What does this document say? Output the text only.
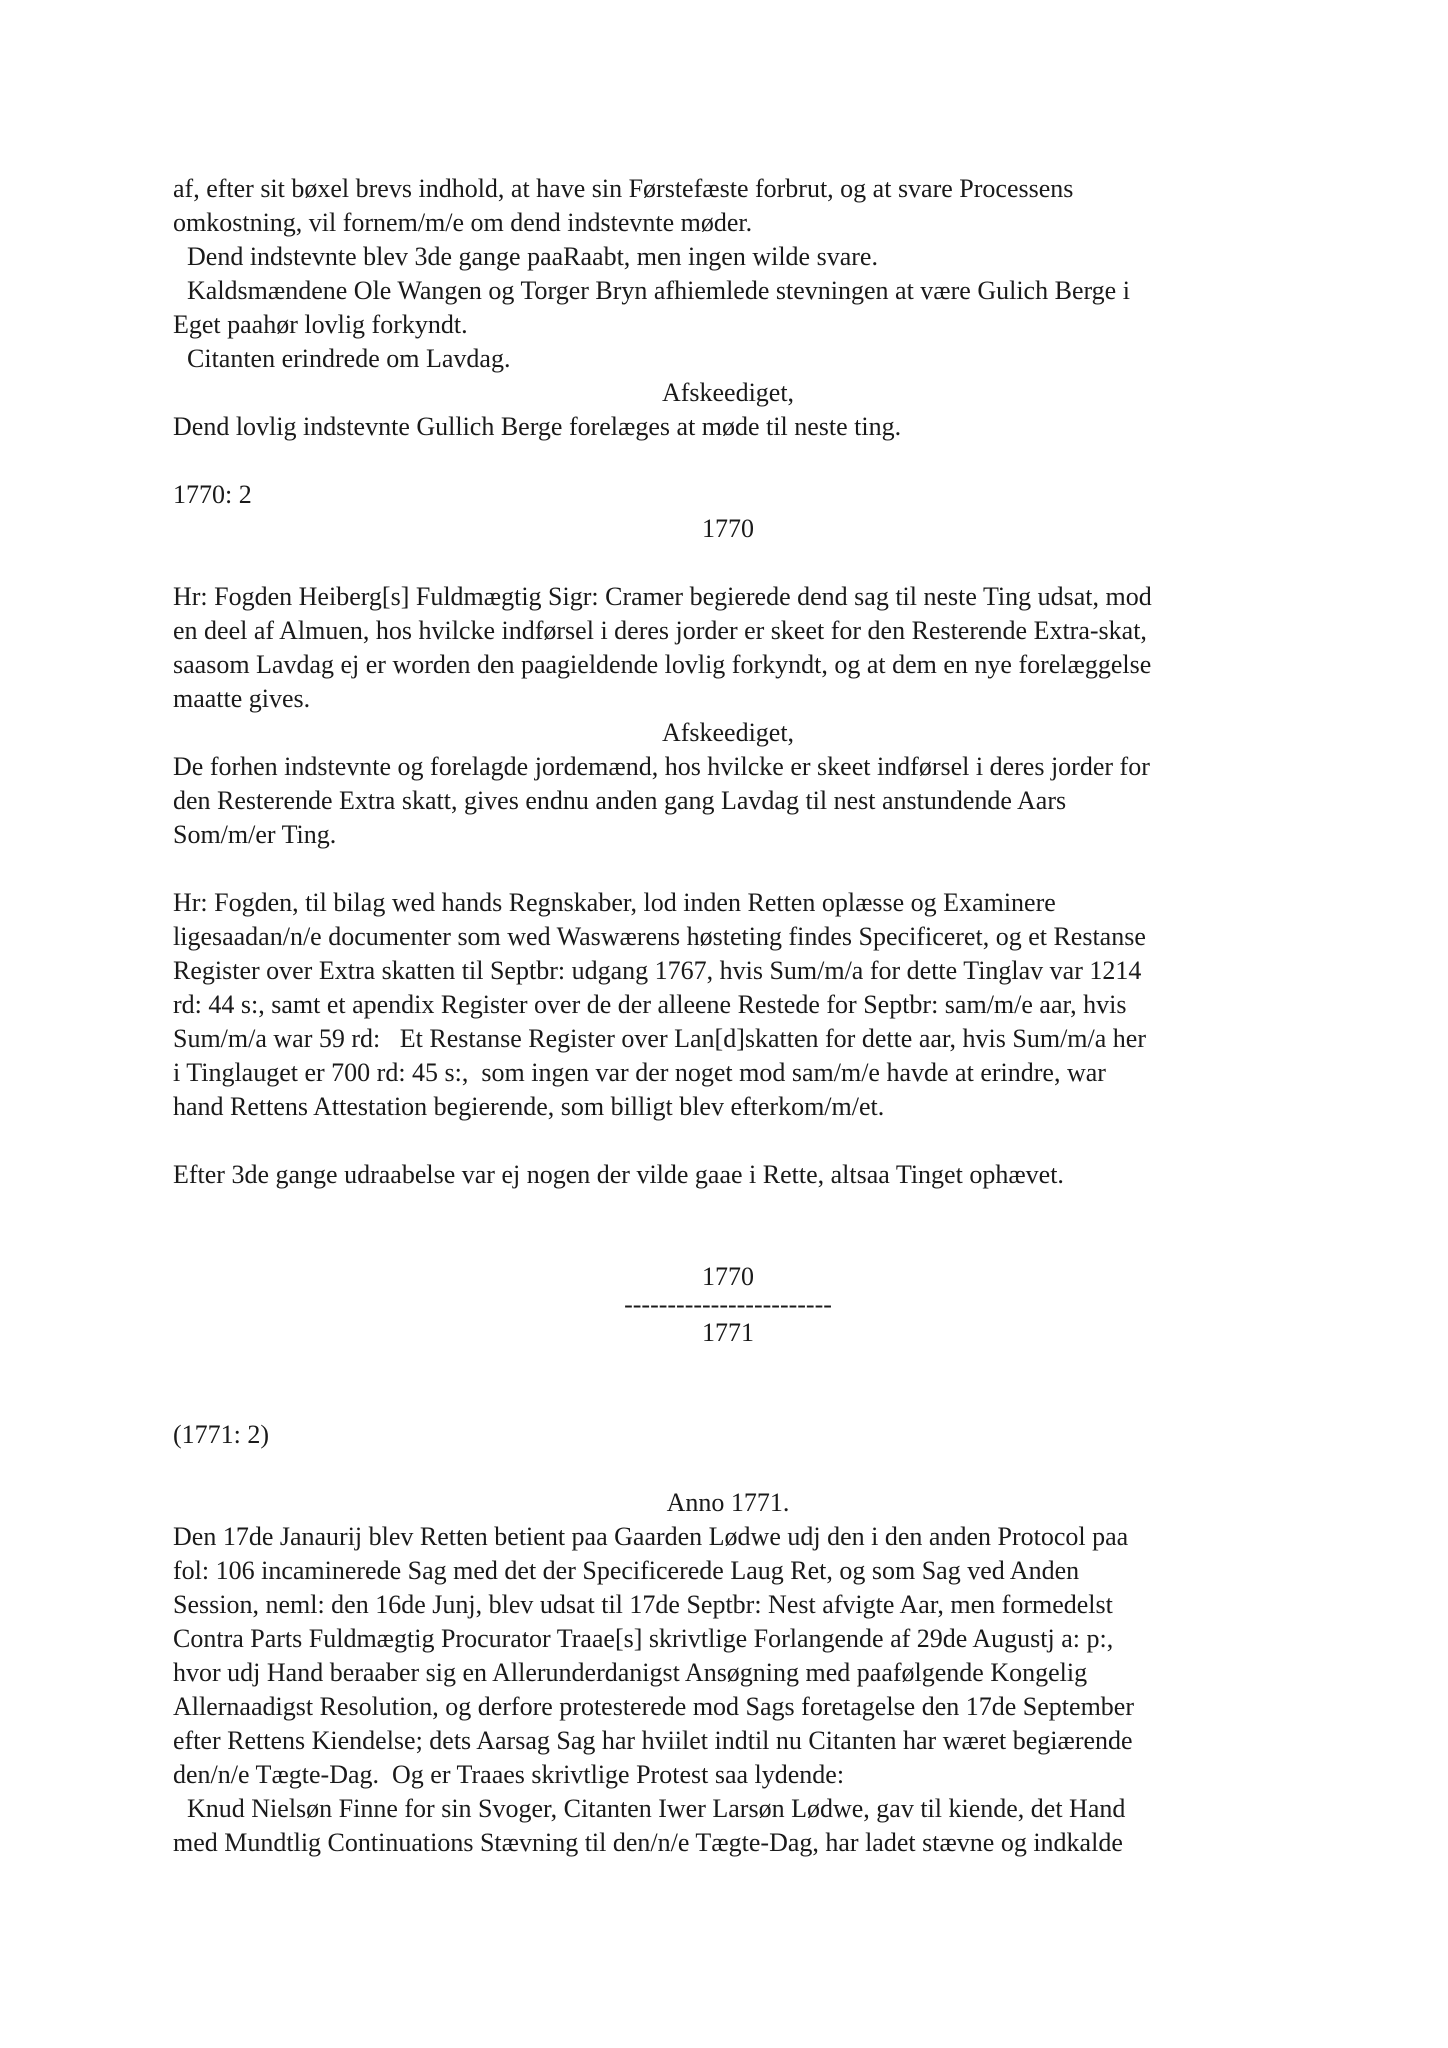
af, efter sit bøxel brevs indhold, at have sin Førstefæste forbrut, og at svare Processens

omkostning, vil fornem/m/e om dend indstevnte møder.

Dend indstevnte blev 3de gange paaRaabt, men ingen wilde svare.

Kaldsmændene Ole Wangen og Torger Bryn afhiemlede stevningen at være Gulich Berge i

Eget paahør lovlig forkyndt.

Citanten erindrede om Lavdag.

Afskeediget,

Dend lovlig indstevnte Gullich Berge forelæges at møde til neste ting.

1770: 2

1770

Hr: Fogden Heiberg[s] Fuldmægtig Sigr: Cramer begierede dend sag til neste Ting udsat, mod

en deel af Almuen, hos hvilcke indførsel i deres jorder er skeet for den Resterende Extra-skat,

saasom Lavdag ej er worden den paagieldende lovlig forkyndt, og at dem en nye forelæggelse

maatte gives.

Afskeediget,

De forhen indstevnte og forelagde jordemænd, hos hvilcke er skeet indførsel i deres jorder for

den Resterende Extra skatt, gives endnu anden gang Lavdag til nest anstundende Aars

Som/m/er Ting.

Hr: Fogden, til bilag wed hands Regnskaber, lod inden Retten oplæsse og Examinere

ligesaadan/n/e documenter som wed Waswærens høsteting findes Specificeret, og et Restanse

Register over Extra skatten til Septbr: udgang 1767, hvis Sum/m/a for dette Tinglav var 1214

rd: 44 s:, samt et apendix Register over de der alleene Restede for Septbr: sam/m/e aar, hvis

Sum/m/a war 59 rd:   Et Restanse Register over Lan[d]skatten for dette aar, hvis Sum/m/a her

i Tinglauget er 700 rd: 45 s:,  som ingen var der noget mod sam/m/e havde at erindre, war

hand Rettens Attestation begierende, som billigt blev efterkom/m/et.

Efter 3de gange udraabelse var ej nogen der vilde gaae i Rette, altsaa Tinget ophævet.

1770

------------------------

1771

(1771: 2)

Anno 1771.

Den 17de Janaurij blev Retten betient paa Gaarden Lødwe udj den i den anden Protocol paa

fol: 106 incaminerede Sag med det der Specificerede Laug Ret, og som Sag ved Anden

Session, neml: den 16de Junj, blev udsat til 17de Septbr: Nest afvigte Aar, men formedelst

Contra Parts Fuldmægtig Procurator Traae[s] skrivtlige Forlangende af 29de Augustj a: p:,

hvor udj Hand beraaber sig en Allerunderdanigst Ansøgning med paafølgende Kongelig

Allernaadigst Resolution, og derfore protesterede mod Sags foretagelse den 17de September

efter Rettens Kiendelse; dets Aarsag Sag har hviilet indtil nu Citanten har wæret begiærende

den/n/e Tægte-Dag.  Og er Traaes skrivtlige Protest saa lydende:

Knud Nielsøn Finne for sin Svoger, Citanten Iwer Larsøn Lødwe, gav til kiende, det Hand

med Mundtlig Continuations Stævning til den/n/e Tægte-Dag, har ladet stævne og indkalde
